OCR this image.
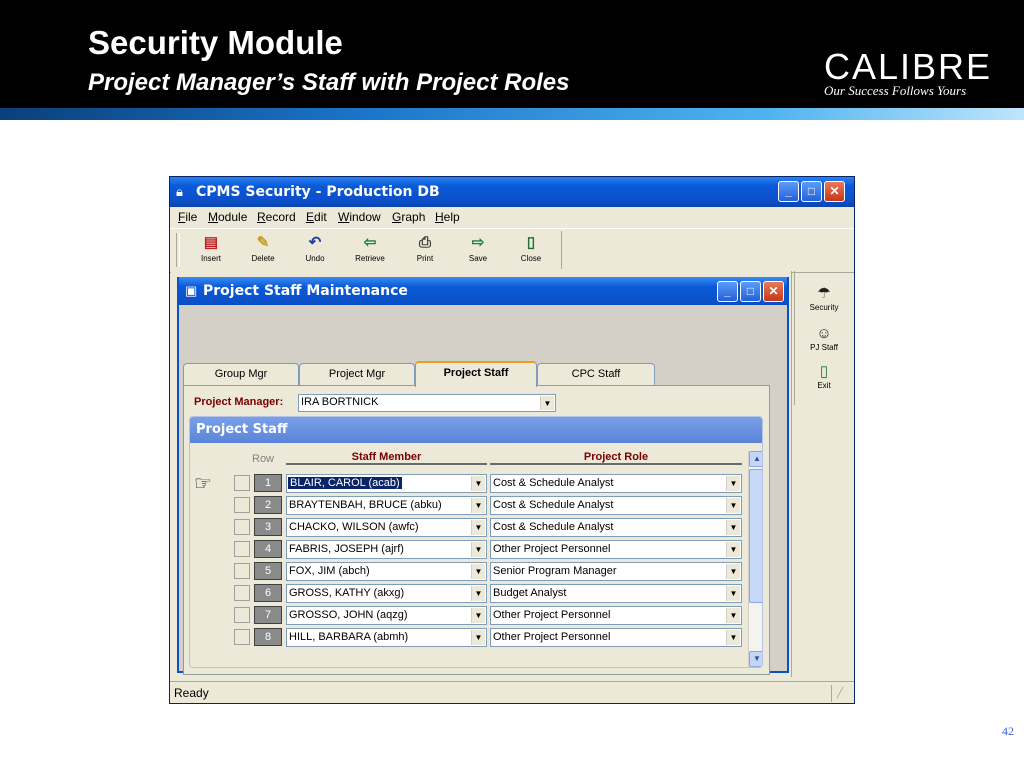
Security Module
Project Manager’s Staff with Project Roles	CALIBRE
Our Success Follows Yours
🔒︎ CPMS Security - Production DB	_	□	✕
File Module Record Edit Window Graph Help
▤
Insert
✎
Delete
↶
Undo
⇦
Retrieve
⎙
Print
⇨
Save
▯
Close
▣ Project Staff Maintenance	_	□	✕
Group Mgr	Project Mgr	Project Staff	CPC Staff
Project Manager: IRA BORTNICK	▼
Project Staff
Row	Staff Member	Project Role
☞	1	BLAIR, CAROL (acab)	▼ Cost & Schedule Analyst	▼
2	BRAYTENBAH, BRUCE (abku)	▼ Cost & Schedule Analyst	▼
3	CHACKO, WILSON (awfc)	▼ Cost & Schedule Analyst	▼
4	FABRIS, JOSEPH (ajrf)	▼ Other Project Personnel	▼
5	FOX, JIM (abch)	▼ Senior Program Manager	▼
6	GROSS, KATHY (akxg)	▼ Budget Analyst	▼
7	GROSSO, JOHN (aqzg)	▼ Other Project Personnel	▼
8	HILL, BARBARA (abmh)	▼ Other Project Personnel	▼
▲
▼
☂
Security
☺
PJ Staff
▯
Exit
Ready	╱
42
